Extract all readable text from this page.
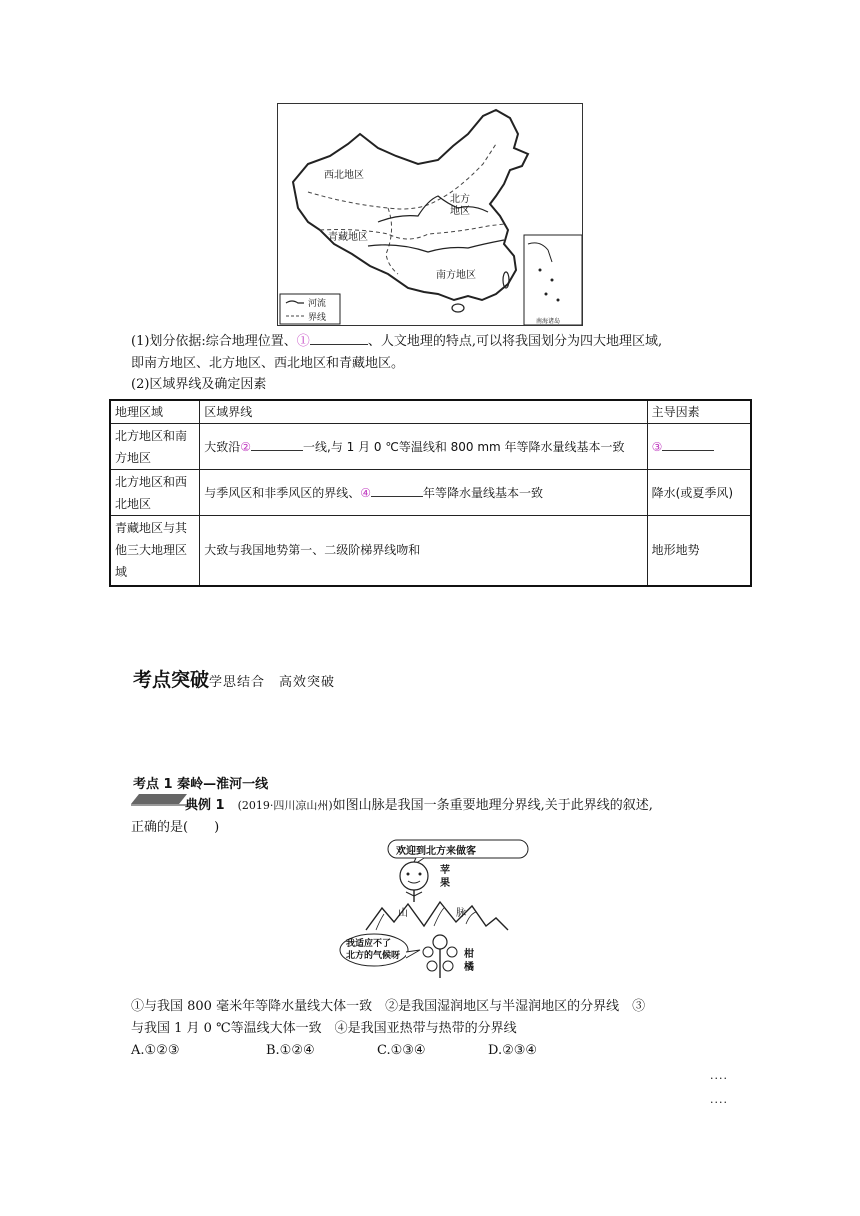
西北地区
北方
地区
青藏地区
南方地区
南海诸岛
河流
界线
(1)划分依据:综合地理位置、①	、人文地理的特点,可以将我国划分为四大地理区域,
即南方地区、北方地区、西北地区和青藏地区。
(2)区域界线及确定因素
地理区域	区域界线	主导因素
北方地区和南方地区	大致沿② 一线,与 1 月 0 ℃等温线和 800 mm 年等降水量线基本一致	③
北方地区和西北地区	与季风区和非季风区的界线、④ 年等降水量线基本一致	降水(或夏季风)
青藏地区与其他三大地理区域	大致与我国地势第一、二级阶梯界线吻和	地形地势
考点突破学思结合　高效突破
考点 1 秦岭—淮河一线
典例 1　 (2019·四川凉山州)如图山脉是我国一条重要地理分界线,关于此界线的叙述,
正确的是(　　)
欢迎到北方来做客
苹
果
山	脉
我适应不了
北方的气候呀	柑
橘
①与我国 800 毫米年等降水量线大体一致　②是我国湿润地区与半湿润地区的分界线　③
与我国 1 月 0 ℃等温线大体一致　④是我国亚热带与热带的分界线
A.①②③	B.①②④	C.①③④	D.②③④
····
····
